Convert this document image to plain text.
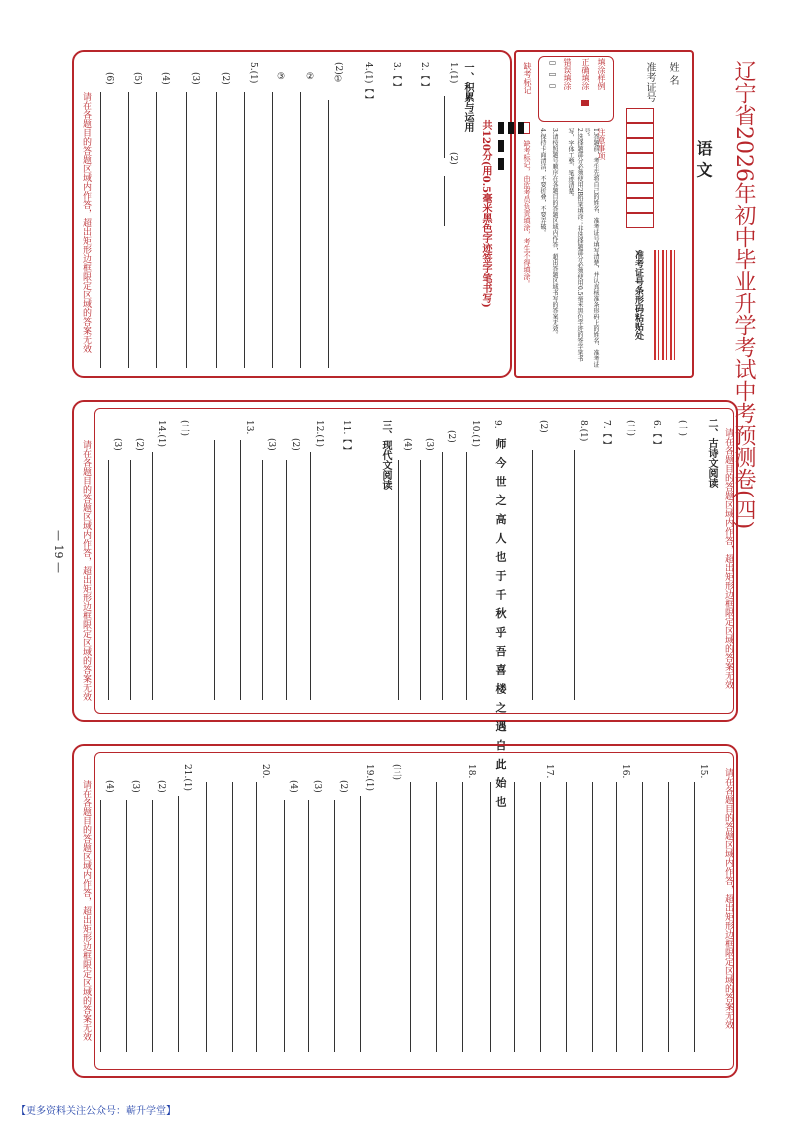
辽宁省2026年初中毕业升学考试中考预测卷(四)
语 文
姓 名
准考证号
准考证号条形码粘贴处
填涂样例
正确填涂
错误填涂
▭ ▭ ▭
注意事项
1.答题前，考生先将自己的姓名、准考证号填写清楚，并认真核准条形码上的姓名、准考证号。
2.选择题部分必须使用2B铅笔填涂；非选择题部分必须使用0.5毫米黑色字迹的签字笔书写，字体工整、笔迹清楚。
3.请按照题号顺序在各题目的答题区域内作答，超出答题区域书写的答案无效。
4.保持卡面清洁，不要折叠，不要弄破。
缺考标记
缺考标记，由监考员负责填涂，考生不得填涂。
共120分(用0.5毫米黑色字迹签字笔书写)
一、积累与运用
1.(1)
(2)
2.【 】
3.【 】
4.(1)【 】
(2)①
②
③
5.(1)
(2)
(3)
(4)
(5)
(6)
请在各题目的答题区域内作答，超出矩形边框限定区域的答案无效
请在各题目的答题区域内作答，超出矩形边框限定区域的答案无效
请在各题目的答题区域内作答，超出矩形边框限定区域的答案无效	二、古诗文阅读
(一)
6.【 】
(二)
7.【 】
8.(1)
(2)
9.
师 今 世 之 高 人 也 于 千 秋 乎 吾 喜 楼 之 遇 自 此 始 也
10.(1)
(2)
(3)
(4)
三、现代文阅读
11.【 】
12.(1)
(2)
(3)
13.
(二)
14.(1)
(2)
(3)
— 19 —
请在各题目的答题区域内作答，超出矩形边框限定区域的答案无效
请在各题目的答题区域内作答，超出矩形边框限定区域的答案无效
15.
16.
17.
18.
(三)
19.(1)
(2)
(3)
(4)
20.
21.(1)
(2)
(3)
(4)
【更多资料关注公众号：蕲升学堂】
